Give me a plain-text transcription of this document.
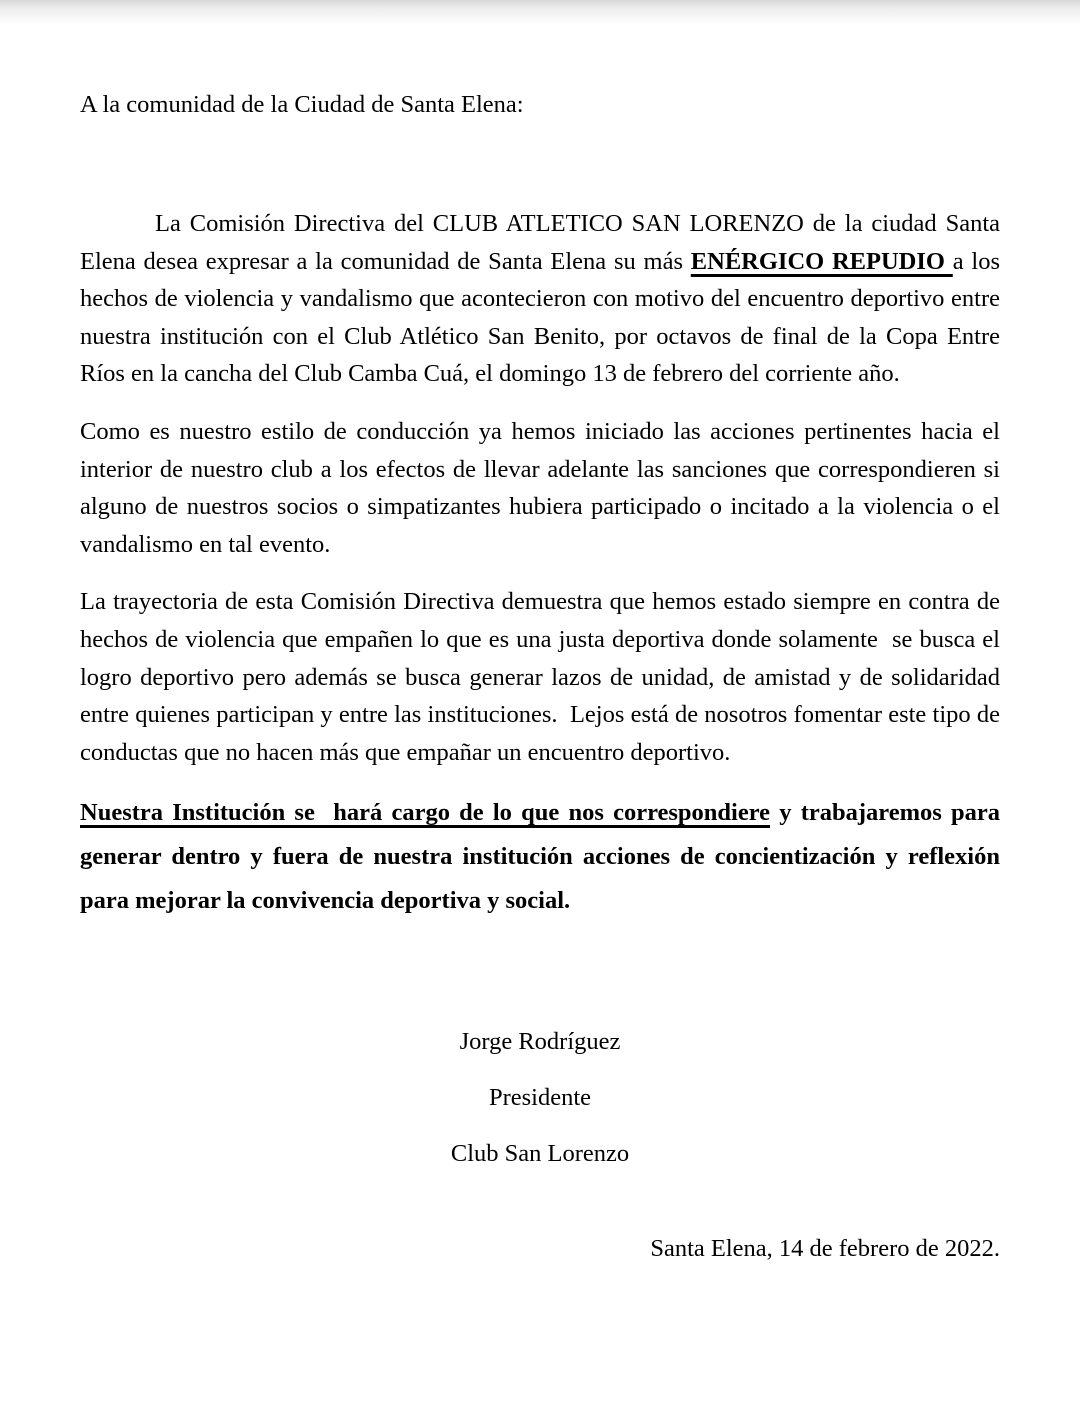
A la comunidad de la Ciudad de Santa Elena:

La Comisión Directiva del CLUB ATLETICO SAN LORENZO de la ciudad Santa Elena desea expresar a la comunidad de Santa Elena su más ENÉRGICO REPUDIO a los hechos de violencia y vandalismo que acontecieron con motivo del encuentro deportivo entre nuestra institución con el Club Atlético San Benito, por octavos de final de la Copa Entre Ríos en la cancha del Club Camba Cuá, el domingo 13 de febrero del corriente año.

Como es nuestro estilo de conducción ya hemos iniciado las acciones pertinentes hacia el interior de nuestro club a los efectos de llevar adelante las sanciones que correspondieren si alguno de nuestros socios o simpatizantes hubiera participado o incitado a la violencia o el vandalismo en tal evento.

La trayectoria de esta Comisión Directiva demuestra que hemos estado siempre en contra de hechos de violencia que empañen lo que es una justa deportiva donde solamente  se busca el logro deportivo pero además se busca generar lazos de unidad, de amistad y de solidaridad entre quienes participan y entre las instituciones.  Lejos está de nosotros fomentar este tipo de conductas que no hacen más que empañar un encuentro deportivo.

Nuestra Institución se  hará cargo de lo que nos correspondiere y trabajaremos para generar dentro y fuera de nuestra institución acciones de concientización y reflexión para mejorar la convivencia deportiva y social.

Jorge Rodríguez

Presidente

Club San Lorenzo

Santa Elena, 14 de febrero de 2022.
